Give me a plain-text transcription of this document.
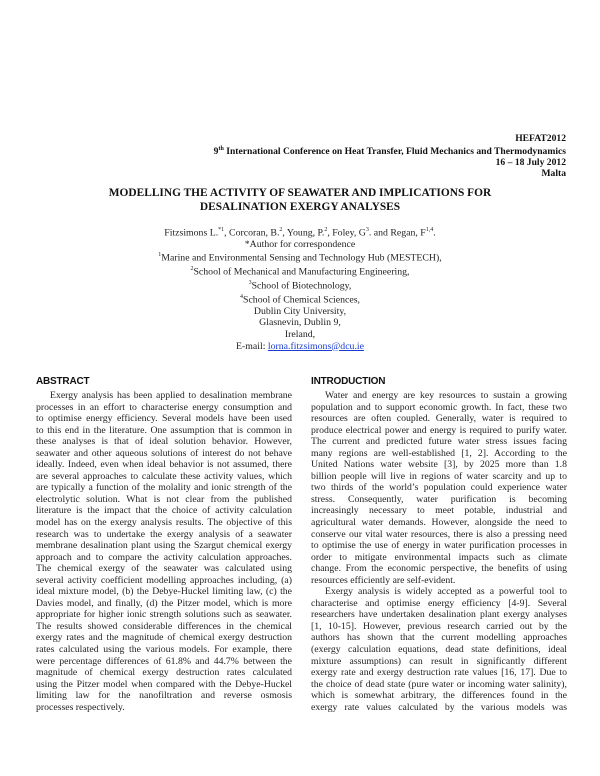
HEFAT2012
9th International Conference on Heat Transfer, Fluid Mechanics and Thermodynamics
16 – 18 July 2012
Malta
MODELLING THE ACTIVITY OF SEAWATER AND IMPLICATIONS FOR
DESALINATION EXERGY ANALYSES
Fitzsimons L.$^{*1}$, Corcoran, B.$^2$, Young, P.$^2$, Foley, $G^3$. and Regan, F$^{1,4}$.
*Author for correspondence
$^1$Marine and Environmental Sensing and Technology Hub (MESTECH),
$^2$School of Mechanical and Manufacturing Engineering,
$^3$School of Biotechnology,
$^4$School of Chemical Sciences,
Dublin City University,
Glasnevin, Dublin 9,
Ireland,
E-mail: lorna.fitzsimons@dcu.ie
ABSTRACT
Exergy analysis has been applied to desalination membrane
processes in an effort to characterise energy consumption and
to optimise energy efficiency. Several models have been used
to this end in the literature. One assumption that is common in
these analyses is that of ideal solution behavior. However,
seawater and other aqueous solutions of interest do not behave
ideally. Indeed, even when ideal behavior is not assumed, there
are several approaches to calculate these activity values, which
are typically a function of the molality and ionic strength of the
electrolytic solution. What is not clear from the published
literature is the impact that the choice of activity calculation
model has on the exergy analysis results. The objective of this
research was to undertake the exergy analysis of a seawater
membrane desalination plant using the Szargut chemical exergy
approach and to compare the activity calculation approaches.
The chemical exergy of the seawater was calculated using
several activity coefficient modelling approaches including, (a)
ideal mixture model, (b) the Debye-Huckel limiting law, (c) the
Davies model, and finally, (d) the Pitzer model, which is more
appropriate for higher ionic strength solutions such as seawater.
The results showed considerable differences in the chemical
exergy rates and the magnitude of chemical exergy destruction
rates calculated using the various models. For example, there
were percentage differences of 61.8% and 44.7% between the
magnitude of chemical exergy destruction rates calculated
using the Pitzer model when compared with the Debye-Huckel
limiting law for the nanofiltration and reverse osmosis
processes respectively.
INTRODUCTION
Water and energy are key resources to sustain a growing
population and to support economic growth. In fact, these two
resources are often coupled. Generally, water is required to
produce electrical power and energy is required to purify water.
The current and predicted future water stress issues facing
many regions are well-established [1, 2]. According to the
United Nations water website [3], by 2025 more than 1.8
billion people will live in regions of water scarcity and up to
two thirds of the world’s population could experience water
stress. Consequently, water purification is becoming
increasingly necessary to meet potable, industrial and
agricultural water demands. However, alongside the need to
conserve our vital water resources, there is also a pressing need
to optimise the use of energy in water purification processes in
order to mitigate environmental impacts such as climate
change. From the economic perspective, the benefits of using
resources efficiently are self-evident.
Exergy analysis is widely accepted as a powerful tool to
characterise and optimise energy efficiency [4-9]. Several
researchers have undertaken desalination plant exergy analyses
[1, 10-15]. However, previous research carried out by the
authors has shown that the current modelling approaches
(exergy calculation equations, dead state definitions, ideal
mixture assumptions) can result in significantly different
exergy rate and exergy destruction rate values [16, 17]. Due to
the choice of dead state (pure water or incoming water salinity),
which is somewhat arbitrary, the differences found in the
exergy rate values calculated by the various models was
